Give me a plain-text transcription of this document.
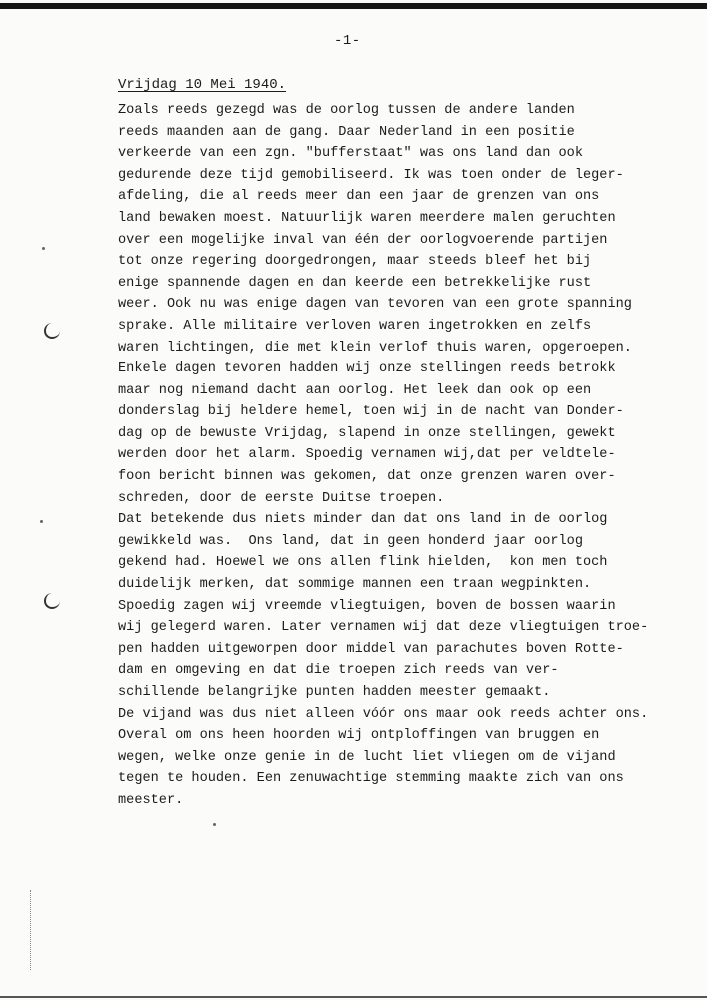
-1-
Vrijdag 10 Mei 1940.

Zoals reeds gezegd was de oorlog tussen de andere landen
reeds maanden aan de gang. Daar Nederland in een positie
verkeerde van een zgn. "bufferstaat" was ons land dan ook
gedurende deze tijd gemobiliseerd. Ik was toen onder de leger-
afdeling, die al reeds meer dan een jaar de grenzen van ons
land bewaken moest. Natuurlijk waren meerdere malen geruchten
over een mogelijke inval van één der oorlogvoerende partijen
tot onze regering doorgedrongen, maar steeds bleef het bij
enige spannende dagen en dan keerde een betrekkelijke rust
weer. Ook nu was enige dagen van tevoren van een grote spanning
sprake. Alle militaire verloven waren ingetrokken en zelfs
waren lichtingen, die met klein verlof thuis waren, opgeroepen.

Enkele dagen tevoren hadden wij onze stellingen reeds betrokk
maar nog niemand dacht aan oorlog. Het leek dan ook op een
donderslag bij heldere hemel, toen wij in de nacht van Donder-
dag op de bewuste Vrijdag, slapend in onze stellingen, gewekt
werden door het alarm. Spoedig vernamen wij,dat per veldtele-
foon bericht binnen was gekomen, dat onze grenzen waren over-
schreden, door de eerste Duitse troepen.
Dat betekende dus niets minder dan dat ons land in de oorlog
gewikkeld was.  Ons land, dat in geen honderd jaar oorlog
gekend had. Hoewel we ons allen flink hielden,  kon men toch
duidelijk merken, dat sommige mannen een traan wegpinkten.
Spoedig zagen wij vreemde vliegtuigen, boven de bossen waarin
wij gelegerd waren. Later vernamen wij dat deze vliegtuigen troe-
pen hadden uitgeworpen door middel van parachutes boven Rotte-
dam en omgeving en dat die troepen zich reeds van ver-
schillende belangrijke punten hadden meester gemaakt.
De vijand was dus niet alleen vóór ons maar ook reeds achter ons.
Overal om ons heen hoorden wij ontploffingen van bruggen en
wegen, welke onze genie in de lucht liet vliegen om de vijand
tegen te houden. Een zenuwachtige stemming maakte zich van ons
meester.
